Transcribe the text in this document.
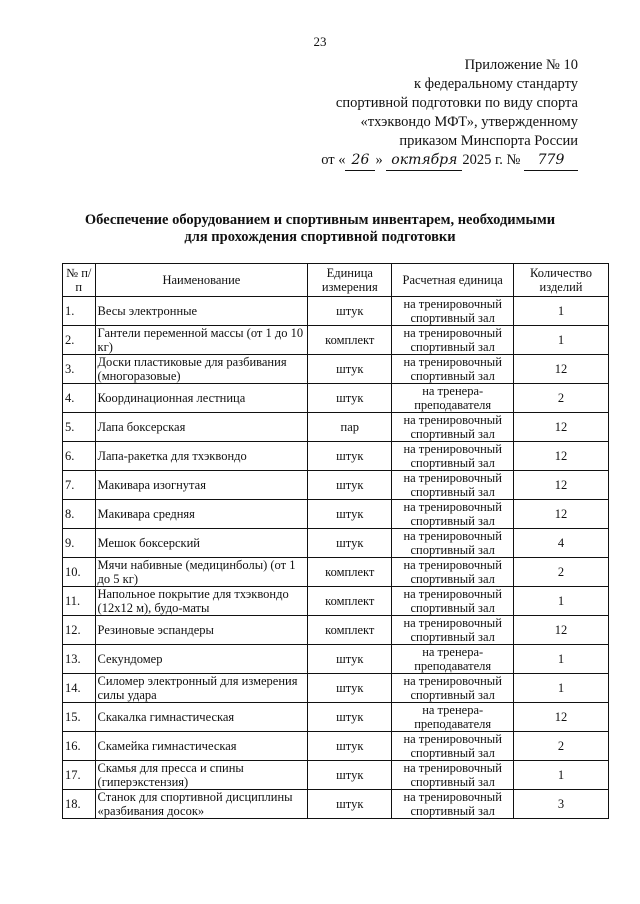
23
Приложение № 10
к федеральному стандарту
спортивной подготовки по виду спорта
«тхэквондо МФТ», утвержденному
приказом Минспорта России
от « 26 » октября 2025 г. № 779
Обеспечение оборудованием и спортивным инвентарем, необходимыми
для прохождения спортивной подготовки
№ п/п	Наименование	Единица измерения	Расчетная единица	Количество изделий
1.	Весы электронные	штук	на тренировочный спортивный зал	1
2.	Гантели переменной массы (от 1 до 10 кг)	комплект	на тренировочный спортивный зал	1
3.	Доски пластиковые для разбивания (многоразовые)	штук	на тренировочный спортивный зал	12
4.	Координационная лестница	штук	на тренера-преподавателя	2
5.	Лапа боксерская	пар	на тренировочный спортивный зал	12
6.	Лапа-ракетка для тхэквондо	штук	на тренировочный спортивный зал	12
7.	Макивара изогнутая	штук	на тренировочный спортивный зал	12
8.	Макивара средняя	штук	на тренировочный спортивный зал	12
9.	Мешок боксерский	штук	на тренировочный спортивный зал	4
10.	Мячи набивные (медицинболы) (от 1 до 5 кг)	комплект	на тренировочный спортивный зал	2
11.	Напольное покрытие для тхэквондо (12х12 м), будо-маты	комплект	на тренировочный спортивный зал	1
12.	Резиновые эспандеры	комплект	на тренировочный спортивный зал	12
13.	Секундомер	штук	на тренера-преподавателя	1
14.	Силомер электронный для измерения силы удара	штук	на тренировочный спортивный зал	1
15.	Скакалка гимнастическая	штук	на тренера-преподавателя	12
16.	Скамейка гимнастическая	штук	на тренировочный спортивный зал	2
17.	Скамья для пресса и спины (гиперэкстензия)	штук	на тренировочный спортивный зал	1
18.	Станок для спортивной дисциплины «разбивания досок»	штук	на тренировочный спортивный зал	3
